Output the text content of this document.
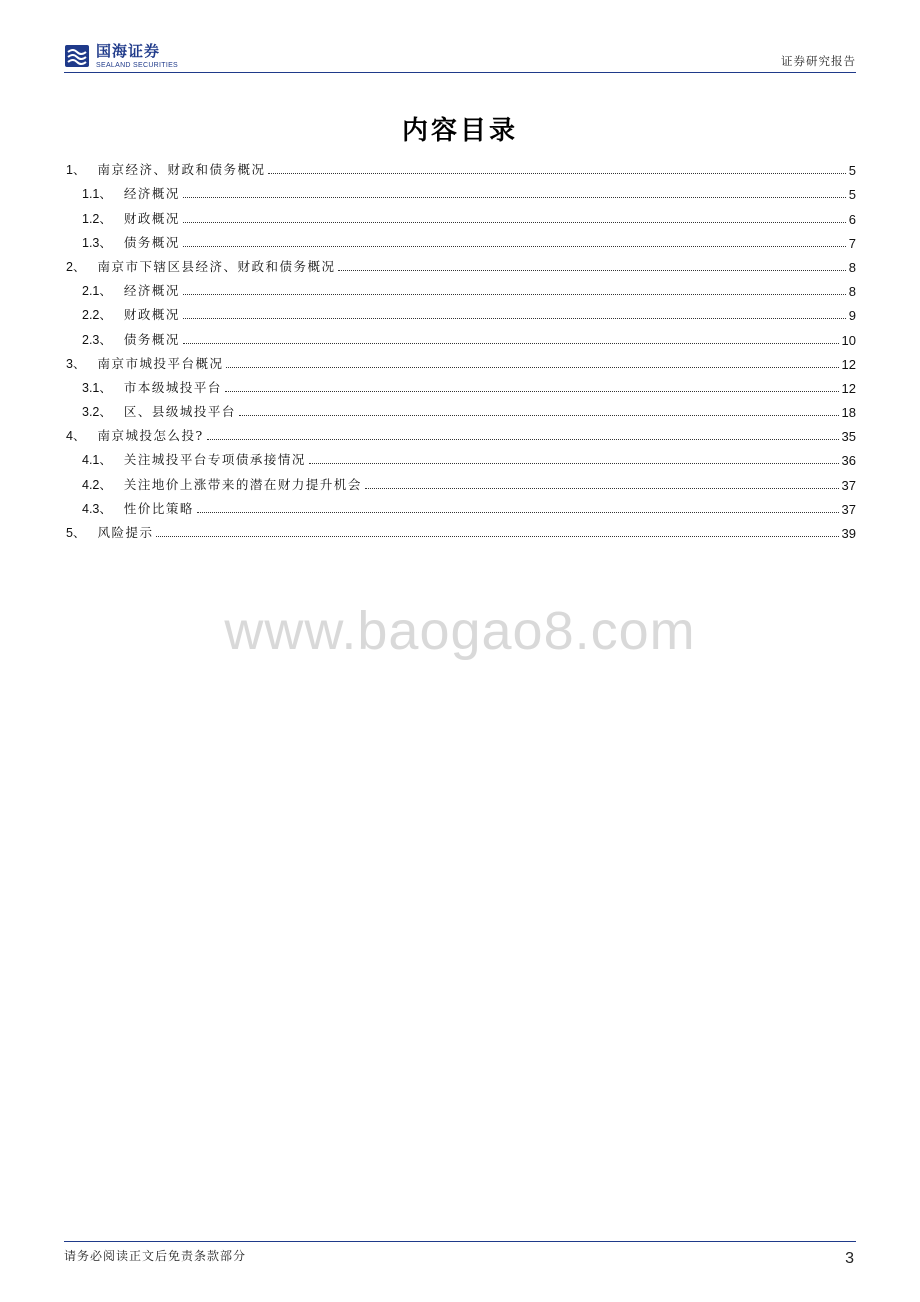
国海证券
SEALAND SECURITIES	证券研究报告
内容目录
1、 南京经济、财政和债务概况	5
1.1、 经济概况	5
1.2、 财政概况	6
1.3、 债务概况	7
2、 南京市下辖区县经济、财政和债务概况	8
2.1、 经济概况	8
2.2、 财政概况	9
2.3、 债务概况	10
3、 南京市城投平台概况	12
3.1、 市本级城投平台	12
3.2、 区、县级城投平台	18
4、 南京城投怎么投?	35
4.1、 关注城投平台专项债承接情况	36
4.2、 关注地价上涨带来的潜在财力提升机会	37
4.3、 性价比策略	37
5、 风险提示	39
www.baogao8.com
请务必阅读正文后免责条款部分	3
